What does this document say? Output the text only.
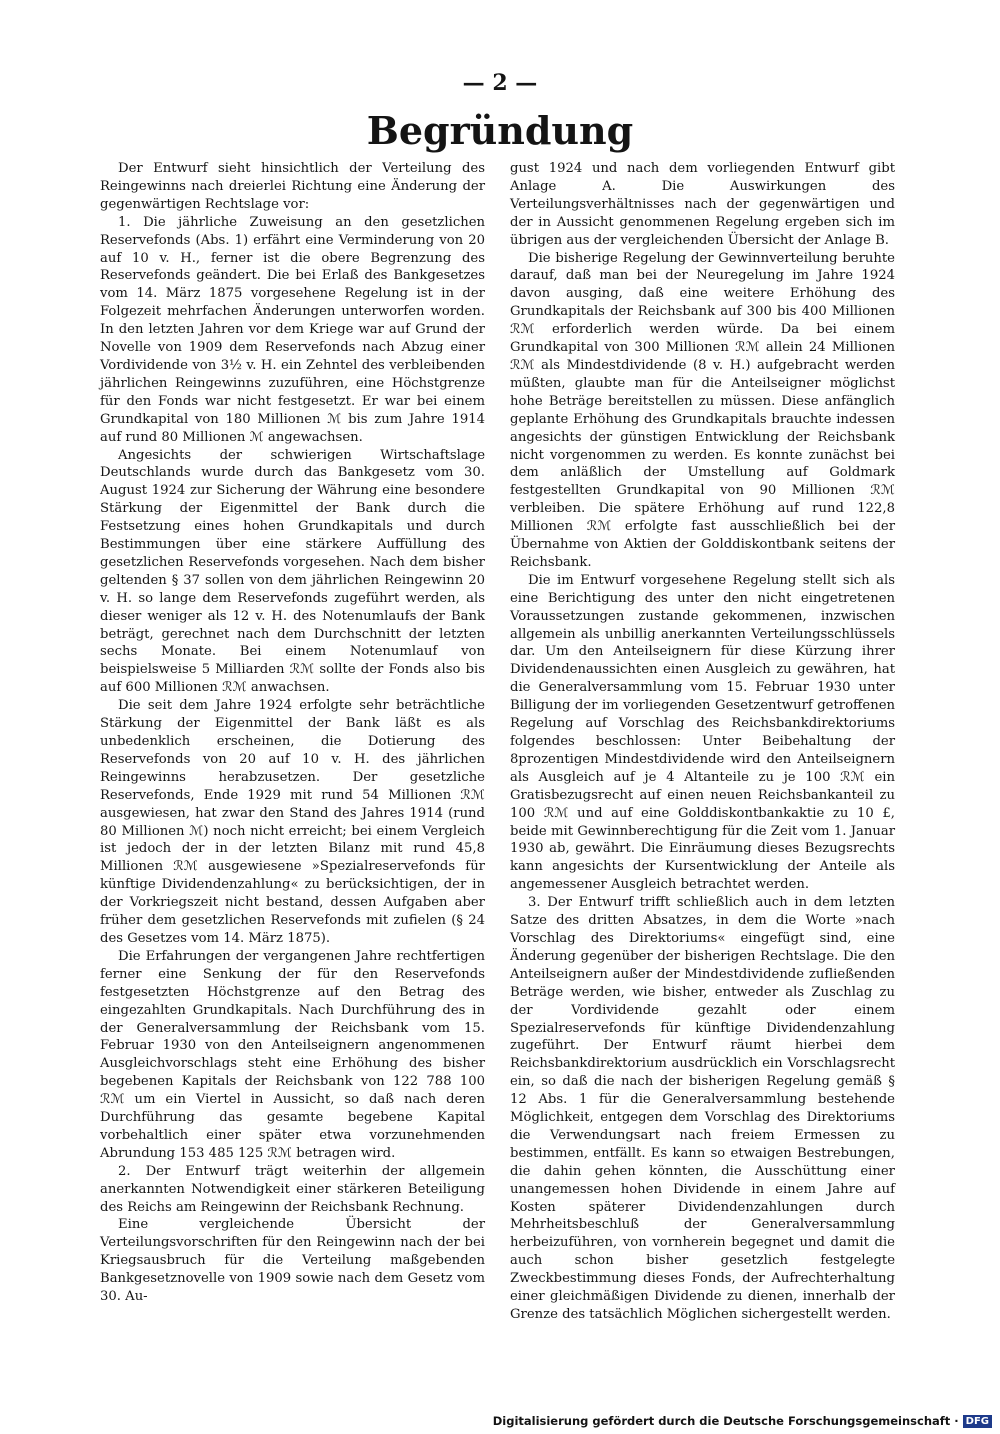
— 2 —
Begründung

Der Entwurf sieht hinsichtlich der Verteilung des Reingewinns nach dreierlei Richtung eine Änderung der gegenwärtigen Rechtslage vor:

1. Die jährliche Zuweisung an den gesetzlichen Reservefonds (Abs. 1) erfährt eine Verminderung von 20 auf 10 v. H., ferner ist die obere Begrenzung des Reservefonds geändert. Die bei Erlaß des Bankgesetzes vom 14. März 1875 vorgesehene Regelung ist in der Folgezeit mehrfachen Änderungen unterworfen worden. In den letzten Jahren vor dem Kriege war auf Grund der Novelle von 1909 dem Reservefonds nach Abzug einer Vordividende von 3½ v. H. ein Zehntel des verbleibenden jährlichen Reingewinns zuzuführen, eine Höchstgrenze für den Fonds war nicht festgesetzt. Er war bei einem Grundkapital von 180 Millionen ℳ bis zum Jahre 1914 auf rund 80 Millionen ℳ angewachsen.

Angesichts der schwierigen Wirtschaftslage Deutschlands wurde durch das Bankgesetz vom 30. August 1924 zur Sicherung der Währung eine besondere Stärkung der Eigenmittel der Bank durch die Festsetzung eines hohen Grundkapitals und durch Bestimmungen über eine stärkere Auffüllung des gesetzlichen Reservefonds vorgesehen. Nach dem bisher geltenden § 37 sollen von dem jährlichen Reingewinn 20 v. H. so lange dem Reservefonds zugeführt werden, als dieser weniger als 12 v. H. des Notenumlaufs der Bank beträgt, gerechnet nach dem Durchschnitt der letzten sechs Monate. Bei einem Notenumlauf von beispielsweise 5 Milliarden ℛℳ sollte der Fonds also bis auf 600 Millionen ℛℳ anwachsen.

Die seit dem Jahre 1924 erfolgte sehr beträchtliche Stärkung der Eigenmittel der Bank läßt es als unbedenklich erscheinen, die Dotierung des Reservefonds von 20 auf 10 v. H. des jährlichen Reingewinns herabzusetzen. Der gesetzliche Reservefonds, Ende 1929 mit rund 54 Millionen ℛℳ ausgewiesen, hat zwar den Stand des Jahres 1914 (rund 80 Millionen ℳ) noch nicht erreicht; bei einem Vergleich ist jedoch der in der letzten Bilanz mit rund 45,8 Millionen ℛℳ ausgewiesene »Spezialreservefonds für künftige Dividendenzahlung« zu berücksichtigen, der in der Vorkriegszeit nicht bestand, dessen Aufgaben aber früher dem gesetzlichen Reservefonds mit zufielen (§ 24 des Gesetzes vom 14. März 1875).

Die Erfahrungen der vergangenen Jahre rechtfertigen ferner eine Senkung der für den Reservefonds festgesetzten Höchstgrenze auf den Betrag des eingezahlten Grundkapitals. Nach Durchführung des in der Generalversammlung der Reichsbank vom 15. Februar 1930 von den Anteilseignern angenommenen Ausgleichvorschlags steht eine Erhöhung des bisher begebenen Kapitals der Reichsbank von 122 788 100 ℛℳ um ein Viertel in Aussicht, so daß nach deren Durchführung das gesamte begebene Kapital vorbehaltlich einer später etwa vorzunehmenden Abrundung 153 485 125 ℛℳ betragen wird.

2. Der Entwurf trägt weiterhin der allgemein anerkannten Notwendigkeit einer stärkeren Beteiligung des Reichs am Reingewinn der Reichsbank Rechnung.

Eine vergleichende Übersicht der Verteilungsvorschriften für den Reingewinn nach der bei Kriegsausbruch für die Verteilung maßgebenden Bankgesetznovelle von 1909 sowie nach dem Gesetz vom 30. Au-

gust 1924 und nach dem vorliegenden Entwurf gibt Anlage A. Die Auswirkungen des Verteilungsverhältnisses nach der gegenwärtigen und der in Aussicht genommenen Regelung ergeben sich im übrigen aus der vergleichenden Übersicht der Anlage B.

Die bisherige Regelung der Gewinnverteilung beruhte darauf, daß man bei der Neuregelung im Jahre 1924 davon ausging, daß eine weitere Erhöhung des Grundkapitals der Reichsbank auf 300 bis 400 Millionen ℛℳ erforderlich werden würde. Da bei einem Grundkapital von 300 Millionen ℛℳ allein 24 Millionen ℛℳ als Mindestdividende (8 v. H.) aufgebracht werden müßten, glaubte man für die Anteilseigner möglichst hohe Beträge bereitstellen zu müssen. Diese anfänglich geplante Erhöhung des Grundkapitals brauchte indessen angesichts der günstigen Entwicklung der Reichsbank nicht vorgenommen zu werden. Es konnte zunächst bei dem anläßlich der Umstellung auf Goldmark festgestellten Grundkapital von 90 Millionen ℛℳ verbleiben. Die spätere Erhöhung auf rund 122,8 Millionen ℛℳ erfolgte fast ausschließlich bei der Übernahme von Aktien der Golddiskontbank seitens der Reichsbank.

Die im Entwurf vorgesehene Regelung stellt sich als eine Berichtigung des unter den nicht eingetretenen Voraussetzungen zustande gekommenen, inzwischen allgemein als unbillig anerkannten Verteilungsschlüssels dar. Um den Anteilseignern für diese Kürzung ihrer Dividendenaussichten einen Ausgleich zu gewähren, hat die Generalversammlung vom 15. Februar 1930 unter Billigung der im vorliegenden Gesetzentwurf getroffenen Regelung auf Vorschlag des Reichsbankdirektoriums folgendes beschlossen: Unter Beibehaltung der 8prozentigen Mindestdividende wird den Anteilseignern als Ausgleich auf je 4 Altanteile zu je 100 ℛℳ ein Gratisbezugsrecht auf einen neuen Reichsbankanteil zu 100 ℛℳ und auf eine Golddiskontbankaktie zu 10 £, beide mit Gewinnberechtigung für die Zeit vom 1. Januar 1930 ab, gewährt. Die Einräumung dieses Bezugsrechts kann angesichts der Kursentwicklung der Anteile als angemessener Ausgleich betrachtet werden.

3. Der Entwurf trifft schließlich auch in dem letzten Satze des dritten Absatzes, in dem die Worte »nach Vorschlag des Direktoriums« eingefügt sind, eine Änderung gegenüber der bisherigen Rechtslage. Die den Anteilseignern außer der Mindestdividende zufließenden Beträge werden, wie bisher, entweder als Zuschlag zu der Vordividende gezahlt oder einem Spezialreservefonds für künftige Dividendenzahlung zugeführt. Der Entwurf räumt hierbei dem Reichsbankdirektorium ausdrücklich ein Vorschlagsrecht ein, so daß die nach der bisherigen Regelung gemäß § 12 Abs. 1 für die Generalversammlung bestehende Möglichkeit, entgegen dem Vorschlag des Direktoriums die Verwendungsart nach freiem Ermessen zu bestimmen, entfällt. Es kann so etwaigen Bestrebungen, die dahin gehen könnten, die Ausschüttung einer unangemessen hohen Dividende in einem Jahre auf Kosten späterer Dividendenzahlungen durch Mehrheitsbeschluß der Generalversammlung herbeizuführen, von vornherein begegnet und damit die auch schon bisher gesetzlich festgelegte Zweckbestimmung dieses Fonds, der Aufrechterhaltung einer gleichmäßigen Dividende zu dienen, innerhalb der Grenze des tatsächlich Möglichen sichergestellt werden.

Digitalisierung gefördert durch die Deutsche Forschungsgemeinschaft · DFG
